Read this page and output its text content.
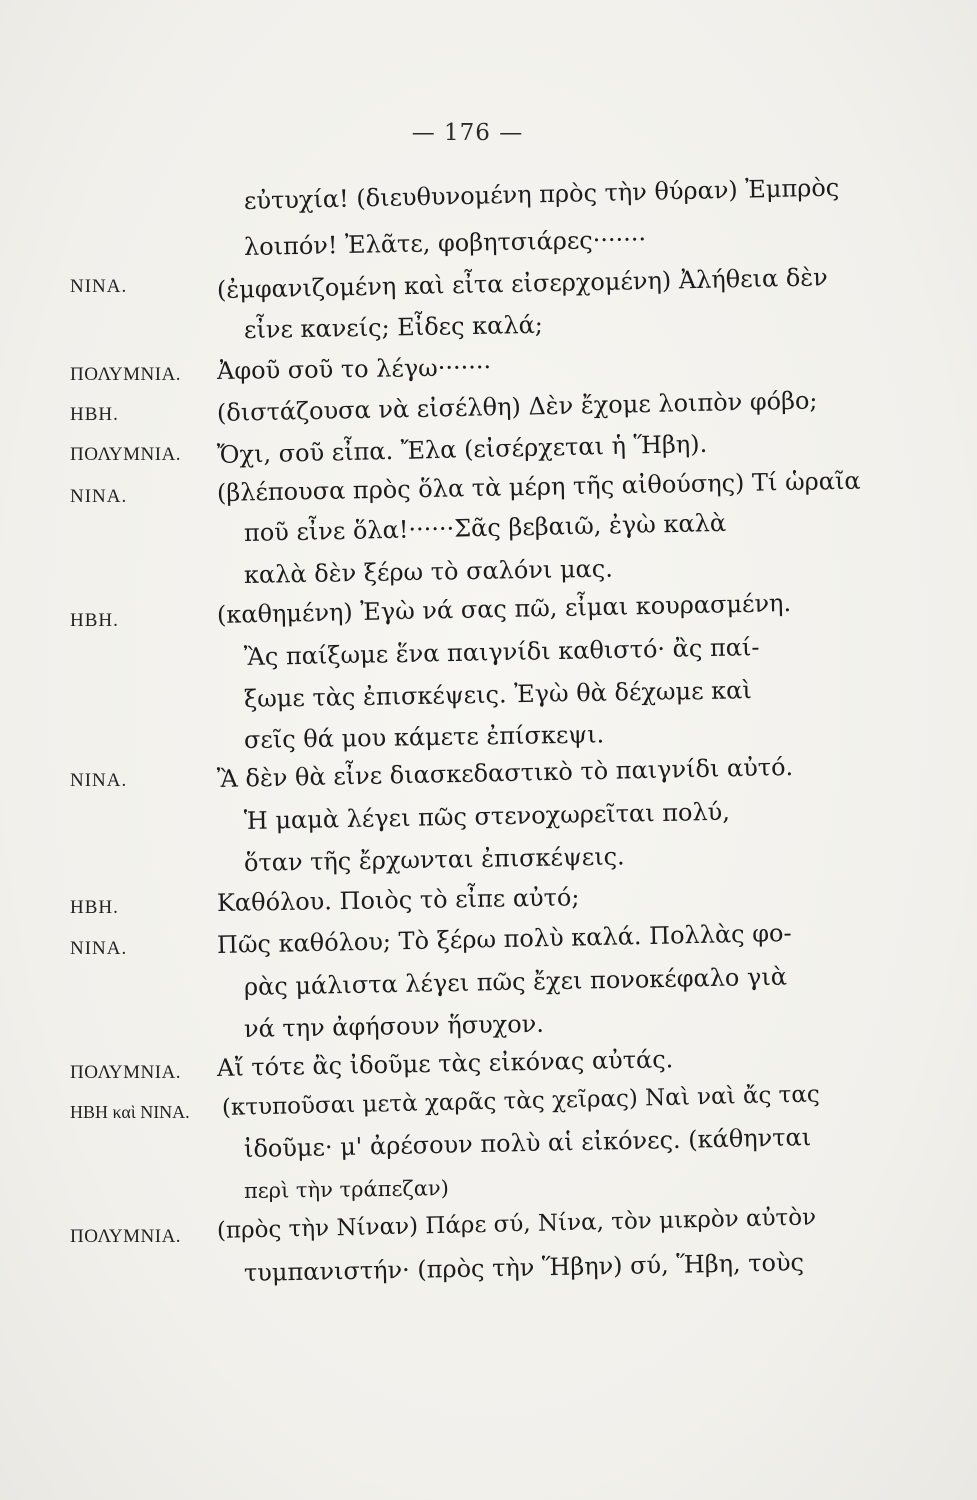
— 176 —
εὐτυχία! (διευθυνομένη πρὸς τὴν θύραν) Ἐμπρὸς
λοιπόν! Ἐλᾶτε, φοβητσιάρες·······
ΝΙΝΑ.	(ἐμφανιζομένη καὶ εἶτα εἰσερχομένη) Ἀλήθεια δὲν
εἶνε κανείς; Εἶδες καλά;
ΠΟΛΥΜΝΙΑ. Ἀφοῦ σοῦ το λέγω·······
ΗΒΗ.	(διστάζουσα νὰ εἰσέλθη) Δὲν ἔχομε λοιπὸν φόβο;
ΠΟΛΥΜΝΙΑ. Ὄχι, σοῦ εἶπα. Ἔλα (εἰσέρχεται ἡ Ἥβη).
ΝΙΝΑ.	(βλέπουσα πρὸς ὅλα τὰ μέρη τῆς αἰθούσης) Τί ὡραῖα
ποῦ εἶνε ὅλα!······Σᾶς βεβαιῶ, ἐγὼ καλὰ
καλὰ δὲν ξέρω τὸ σαλόνι μας.
ΗΒΗ.	(καθημένη) Ἐγὼ νά σας πῶ, εἶμαι κουρασμένη.
Ἂς παίξωμε ἕνα παιγνίδι καθιστό· ἂς παί-
ξωμε τὰς ἐπισκέψεις. Ἐγὼ θὰ δέχωμε καὶ
σεῖς θά μου κάμετε ἐπίσκεψι.
ΝΙΝΑ.	Ἂ δὲν θὰ εἶνε διασκεδαστικὸ τὸ παιγνίδι αὐτό.
Ἡ μαμὰ λέγει πῶς στενοχωρεῖται πολύ,
ὅταν τῆς ἔρχωνται ἐπισκέψεις.
ΗΒΗ.	Καθόλου. Ποιὸς τὸ εἶπε αὐτό;
ΝΙΝΑ.	Πῶς καθόλου; Τὸ ξέρω πολὺ καλά. Πολλὰς φο-
ρὰς μάλιστα λέγει πῶς ἔχει πονοκέφαλο γιὰ
νά την ἀφήσουν ἥσυχον.
ΠΟΛΥΜΝΙΑ. Αἴ τότε ἂς ἰδοῦμε τὰς εἰκόνας αὐτάς.
ΗΒΗ καὶ ΝΙΝΑ. (κτυποῦσαι μετὰ χαρᾶς τὰς χεῖρας) Ναὶ ναὶ ἄς τας
ἰδοῦμε· μ' ἀρέσουν πολὺ αἱ εἰκόνες. (κάθηνται
περὶ τὴν τράπεζαν)
ΠΟΛΥΜΝΙΑ. (πρὸς τὴν Νίναν) Πάρε σύ, Νίνα, τὸν μικρὸν αὐτὸν
τυμπανιστήν· (πρὸς τὴν Ἥβην) σύ, Ἥβη, τοὺς
